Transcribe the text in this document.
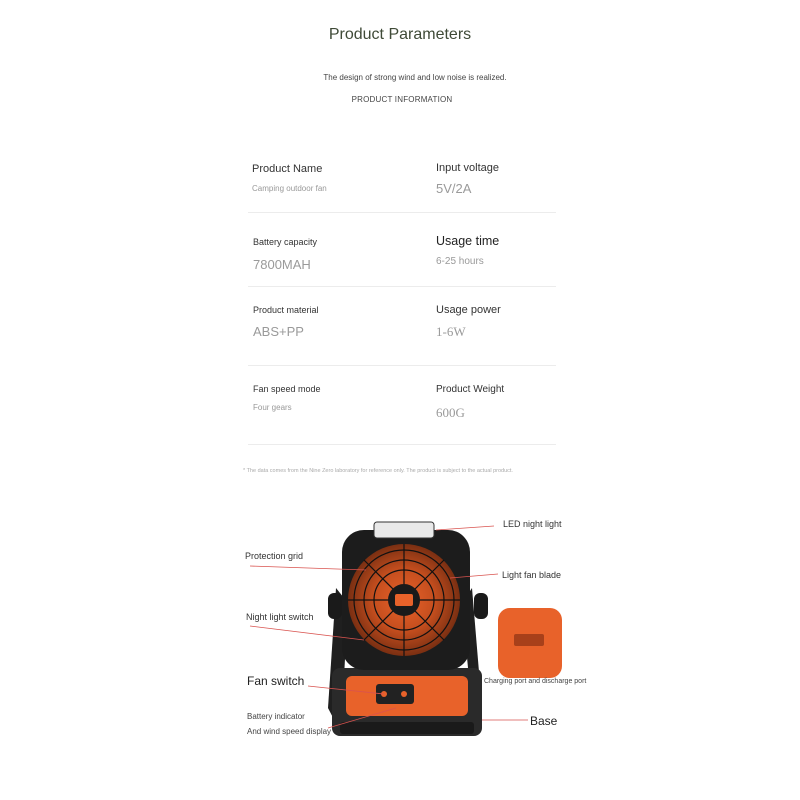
Product Parameters
The design of strong wind and low noise is realized.
PRODUCT INFORMATION
Product Name
Camping outdoor fan
Input voltage
5V/2A
Battery capacity
7800MAH
Usage time
6-25 hours
Product material
ABS+PP
Usage power
1-6W
Fan speed mode
Four gears
Product Weight
600G
* The data comes from the Nine Zero laboratory for reference only. The product is subject to the actual product.
LED night light
Protection grid
Light fan blade
Night light switch
Charging port and discharge port
Fan switch
Battery indicator
And wind speed display
Base
